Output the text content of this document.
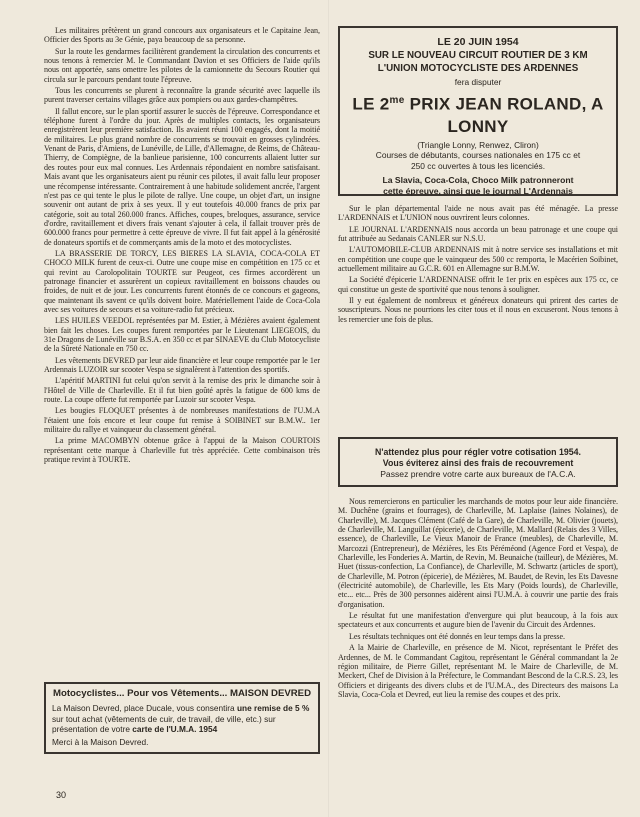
Les militaires prêtèrent un grand concours aux organisateurs et le Capitaine Jean, Officier des Sports au 3e Génie, paya beaucoup de sa personne.

Sur la route les gendarmes facilitèrent grandement la circulation des concurrents et nous tenons à remercier M. le Commandant Davion et ses Officiers de l'aide qu'ils nous ont apportée, sans omettre les pilotes de la camionnette du Secours Routier qui circula sur le parcours pendant toute l'épreuve.

Tous les concurrents se plurent à reconnaître la grande sécurité avec laquelle ils purent traverser certains villages grâce aux pompiers ou aux gardes-champêtres.

Il fallut encore, sur le plan sportif assurer le succès de l'épreuve. Correspondance et téléphone furent à l'ordre du jour. Après de multiples contacts, les organisateurs enregistrèrent leur première satisfaction. Ils avaient réuni 100 engagés, dont la moitié de militaires. Le plus grand nombre de concurrents se trouvait en grosses cylindrées. Venant de Paris, d'Amiens, de Lunéville, de Lille, d'Allemagne, de Reims, de Château-Thierry, de Compiègne, de la banlieue parisienne, 100 concurrents allaient lutter sur des routes pour eux mal connues. Les Ardennais répondaient en nombre satisfaisant. Mais avant que les organisateurs aient pu réunir ces pilotes, il avait fallu leur proposer une récompense intéressante. Contrairement à une habitude solidement ancrée, l'argent n'est pas ce qui tente le plus le pilote de rallye. Une coupe, un objet d'art, un insigne souvenir ont autant de prix à ses yeux. Il y eut toutefois 40.000 francs de prix par catégorie, soit au total 260.000 francs. Affiches, coupes, breloques, assurance, service d'ordre, ravitaillement et divers frais venant s'ajouter à cela, il fallait trouver près de 600.000 francs pour permettre à cette épreuve de vivre. Il fut fait appel à la générosité de donateurs sportifs et de commerçants amis de la moto et des motocyclistes.

LA BRASSERIE DE TORCY, LES BIERES LA SLAVIA, COCA-COLA ET CHOCO MILK furent de ceux-ci. Outre une coupe mise en compétition en 175 cc et qui revint au Carolopolitain TOURTE sur Peugeot, ces firmes accordèrent un patronage financier et assurèrent un copieux ravitaillement en boissons chaudes ou froides, de nuit et de jour. Les concurrents furent étonnés de ce concours et gageons, que maintenant ils savent ce qu'ils doivent boire. Matériellement l'aide de Coca-Cola avec ses voitures de secours et sa voiture-radio fut précieux.

LES HUILES VEEDOL représentées par M. Estier, à Mézières avaient également bien fait les choses. Les coupes furent remportées par le Lieutenant LIEGEOIS, du 31e Dragons de Lunéville sur B.S.A. en 350 cc et par SINAEVE du Club Motocycliste de la Sûreté Nationale en 750 cc.

Les vêtements DEVRED par leur aide financière et leur coupe remportée par le 1er Ardennais LUZOIR sur scooter Vespa se signalèrent à l'attention des sportifs.

L'apéritif MARTINI fut celui qu'on servit à la remise des prix le dimanche soir à l'Hôtel de Ville de Charleville. Et il fut bien goûté après la fatigue de 600 kms de route. La coupe offerte fut remportée par Luzoir sur scooter Vespa.

Les bougies FLOQUET présentes à de nombreuses manifestations de l'U.M.A l'étaient une fois encore et leur coupe fut remise à SOIBINET sur B.M.W.. 1er militaire du rallye et vainqueur du classement général.

La prime MACOMBYN obtenue grâce à l'appui de la Maison COURTOIS représentant cette marque à Charleville fut très appréciée. Cette combinaison très pratique revint à TOURTE.

LE 20 JUIN 1954
SUR LE NOUVEAU CIRCUIT ROUTIER DE 3 KM
L'UNION MOTOCYCLISTE DES ARDENNES
fera disputer
LE $2^{me}$ PRIX JEAN ROLAND, A LONNY
(Triangle Lonny, Renwez, Cliron)
Courses de débutants, courses nationales en 175 cc et
250 cc ouvertes à tous les licenciés.
La Slavia, Coca-Cola, Choco Milk patronneront
cette épreuve, ainsi que le journal L'Ardennais

Sur le plan départemental l'aide ne nous avait pas été ménagée. La presse L'ARDENNAIS et L'UNION nous ouvrirent leurs colonnes.

LE JOURNAL L'ARDENNAIS nous accorda un beau patronage et une coupe qui fut attribuée au Sedanais CANLER sur N.S.U.

L'AUTOMOBILE-CLUB ARDENNAIS mit à notre service ses installations et mit en compétition une coupe que le vainqueur des 500 cc remporta, le Macérien Soibinet, actuellement militaire au G.C.R. 601 en Allemagne sur B.M.W.

La Société d'épicerie L'ARDENNAISE offrit le 1er prix en espèces aux 175 cc, ce qui constitue un geste de sportivité que nous tenons à souligner.

Il y eut également de nombreux et généreux donateurs qui prirent des cartes de souscripteurs. Nous ne pourrions les citer tous et il nous en excuseront. Nous tenons à les remercier une fois de plus.

N'attendez plus pour régler votre cotisation 1954.
Vous éviterez ainsi des frais de recouvrement
Passez prendre votre carte aux bureaux de l'A.C.A.

Nous remercierons en particulier les marchands de motos pour leur aide financière. M. Duchêne (grains et fourrages), de Charleville, M. Laplaise (laines Nolaines), de Charleville), M. Jacques Clément (Café de la Gare), de Charleville, M. Olivier (jouets), de Charleville, M. Languillat (épicerie), de Charleville, M. Mallard (Relais des 3 Villes, essence), de Charleville, Le Vieux Manoir de France (meubles), de Charleville, M. Marcozzi (Entrepreneur), de Mézières, les Ets Péréméond (Agence Ford et Vespa), de Charleville, les Fonderies A. Martin, de Revin, M. Beunaiche (tailleur), de Mézières, M. Huet (tissus-confection, La Confiance), de Charleville, M. Schwartz (articles de sport), de Charleville, M. Potron (épicerie), de Mézières, M. Baudet, de Revin, les Ets Davesne (électricité automobile), de Charleville, les Ets Mary (Poids lourds), de Charleville, etc... etc... Près de 300 personnes aidèrent ainsi l'U.M.A. à couvrir une partie des frais d'organisation.

Le résultat fut une manifestation d'envergure qui plut beaucoup, à la fois aux spectateurs et aux concurrents et augure bien de l'avenir du Circuit des Ardennes.

Les résultats techniques ont été donnés en leur temps dans la presse.

A la Mairie de Charleville, en présence de M. Nicot, représentant le Préfet des Ardennes, de M. le Commandant Cagitou, représentant le Général commandant la 2e région militaire, de Pierre Gillet, représentant M. le Maire de Charleville, de M. Meckert, Chef de Division à la Préfecture, le Commandant Bescond de la C.R.S. 23, les Officiers et dirigeants des divers clubs et de l'U.M.A., des Directeurs des maisons La Slavia, Coca-Cola et Devred, eut lieu la remise des coupes et des prix.

Motocyclistes... Pour vos Vêtements... MAISON DEVRED
La Maison Devred, place Ducale, vous consentira une remise de 5 % sur tout achat (vêtements de cuir, de travail, de ville, etc.) sur présentation de votre carte de l'U.M.A. 1954
Merci à la Maison Devred.
30
